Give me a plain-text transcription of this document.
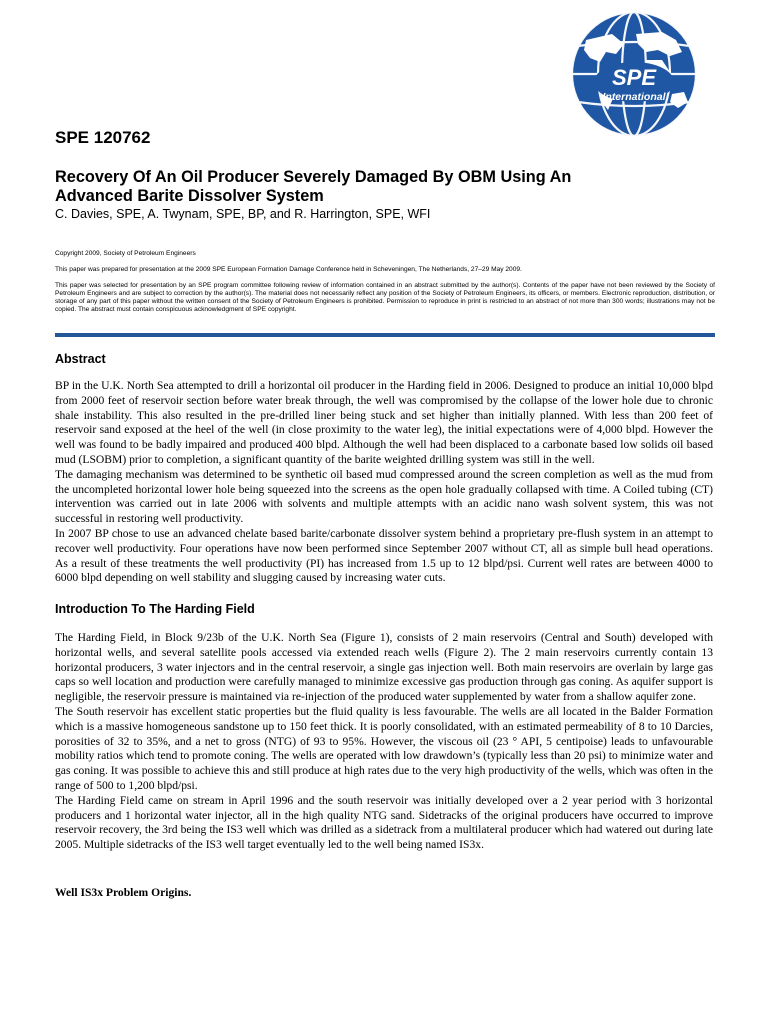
SPE
International
SPE 120762
Recovery Of An Oil Producer Severely Damaged By OBM Using An
Advanced Barite Dissolver System
C. Davies, SPE, A. Twynam, SPE, BP, and R. Harrington, SPE, WFI

Copyright 2009, Society of Petroleum Engineers

This paper was prepared for presentation at the 2009 SPE European Formation Damage Conference held in Scheveningen, The Netherlands, 27–29 May 2009.

This paper was selected for presentation by an SPE program committee following review of information contained in an abstract submitted by the author(s). Contents of the paper have not been reviewed by the Society of Petroleum Engineers and are subject to correction by the author(s). The material does not necessarily reflect any position of the Society of Petroleum Engineers, its officers, or members. Electronic reproduction, distribution, or storage of any part of this paper without the written consent of the Society of Petroleum Engineers is prohibited. Permission to reproduce in print is restricted to an abstract of not more than 300 words; illustrations may not be copied. The abstract must contain conspicuous acknowledgment of SPE copyright.

Abstract

BP in the U.K. North Sea attempted to drill a horizontal oil producer in the Harding field in 2006. Designed to produce an initial 10,000 blpd from 2000 feet of reservoir section before water break through, the well was compromised by the collapse of the lower hole due to chronic shale instability. This also resulted in the pre-drilled liner being stuck and set higher than initially planned. With less than 200 feet of reservoir sand exposed at the heel of the well (in close proximity to the water leg), the initial expectations were of 4,000 blpd. However the well was found to be badly impaired and produced 400 blpd. Although the well had been displaced to a carbonate based low solids oil based mud (LSOBM) prior to completion, a significant quantity of the barite weighted drilling system was still in the well.

The damaging mechanism was determined to be synthetic oil based mud compressed around the screen completion as well as the mud from the uncompleted horizontal lower hole being squeezed into the screens as the open hole gradually collapsed with time. A Coiled tubing (CT) intervention was carried out in late 2006 with solvents and multiple attempts with an acidic nano wash solvent system, this was not successful in restoring well productivity.

In 2007 BP chose to use an advanced chelate based barite/carbonate dissolver system behind a proprietary pre-flush system in an attempt to recover well productivity. Four operations have now been performed since September 2007 without CT, all as simple bull head operations. As a result of these treatments the well productivity (PI) has increased from 1.5 up to 12 blpd/psi. Current well rates are between 4000 to 6000 blpd depending on well stability and slugging caused by increasing water cuts.

Introduction To The Harding Field

The Harding Field, in Block 9/23b of the U.K. North Sea (Figure 1), consists of 2 main reservoirs (Central and South) developed with horizontal wells, and several satellite pools accessed via extended reach wells (Figure 2). The 2 main reservoirs currently contain 13 horizontal producers, 3 water injectors and in the central reservoir, a single gas injection well. Both main reservoirs are overlain by large gas caps so well location and production were carefully managed to minimize excessive gas production through gas coning. As aquifer support is negligible, the reservoir pressure is maintained via re-injection of the produced water supplemented by water from a shallow aquifer zone.

The South reservoir has excellent static properties but the fluid quality is less favourable. The wells are all located in the Balder Formation which is a massive homogeneous sandstone up to 150 feet thick. It is poorly consolidated, with an estimated permeability of 8 to 10 Darcies, porosities of 32 to 35%, and a net to gross (NTG) of 93 to 95%. However, the viscous oil (23 ° API, 5 centipoise) leads to unfavourable mobility ratios which tend to promote coning. The wells are operated with low drawdown’s (typically less than 20 psi) to minimize water and gas coning. It was possible to achieve this and still produce at high rates due to the very high productivity of the wells, which was often in the range of 500 to 1,200 blpd/psi.

The Harding Field came on stream in April 1996 and the south reservoir was initially developed over a 2 year period with 3 horizontal producers and 1 horizontal water injector, all in the high quality NTG sand. Sidetracks of the original producers have occurred to improve reservoir recovery, the 3rd being the IS3 well which was drilled as a sidetrack from a multilateral producer which had watered out during late 2005. Multiple sidetracks of the IS3 well target eventually led to the well being named IS3x.

Well IS3x Problem Origins.
